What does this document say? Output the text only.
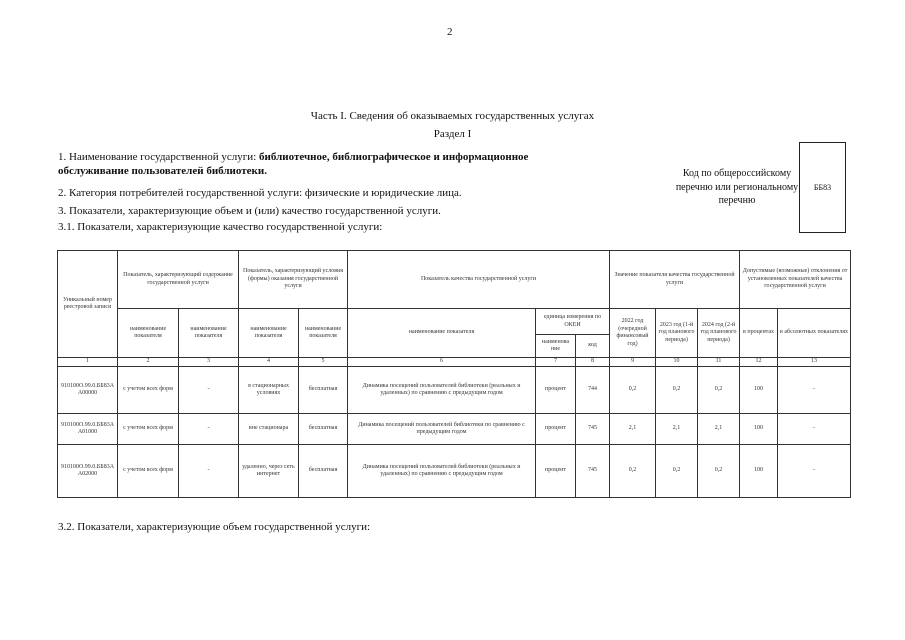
2
Часть I. Сведения об оказываемых государственных услугах
Раздел I
1. Наименование государственной услуги: библиотечное, библиографическое и информационное обслуживание пользователей библиотеки.
2. Категория потребителей государственной услуги: физические и юридические лица.
3. Показатели, характеризующие объем и (или) качество государственной услуги.
3.1. Показатели, характеризующие качество государственной услуги:
Код по общероссийскому перечню или региональному перечню
ББ83
Уникальный номер реестровой записи	Показатель, характеризующий содержание государственной услуги		Показатель, характеризующий условия (формы) оказания государственной услуги		Показатель качества государственной услуги			Значение показателя качества государственной услуги			Допустимые (возможные) отклонения от установленных показателей качества государственной услуги	
	наименование показателя	наименование показателя	наименование показателя	наименование показателя	наименование показателя	единица измерения по ОКЕИ		2022 год (очередной финансовый год)	2023 год (1-й год планового периода)	2024 год (2-й год планового периода)	в процентах	в абсолютных показателях
						наименова ние	код					
1	2	3	4	5	6	7	8	9	10	11	12	13
910100О.99.0.ББ83АА00000	с учетом всех форм	-	в стационарных условиях	бесплатная	Динамика посещений пользователей библиотеки (реальных и удаленных) по сравнению с предыдущим годом	процент	744	0,2	0,2	0,2	100	-
910100О.99.0.ББ83АА01000	с учетом всех форм	-	вне стационара	бесплатная	Динамика посещений пользователей библиотеки по сравнению с предыдущим годом	процент	745	2,1	2,1	2,1	100	-
910100О.99.0.ББ83АА02000	с учетом всех форм	-	удаленно, через сеть интернет	бесплатная	Динамика посещений пользователей библиотеки (реальных и удаленных) по сравнению с предыдущим годом	процент	745	0,2	0,2	0,2	100	-
3.2. Показатели, характеризующие объем государственной услуги:
